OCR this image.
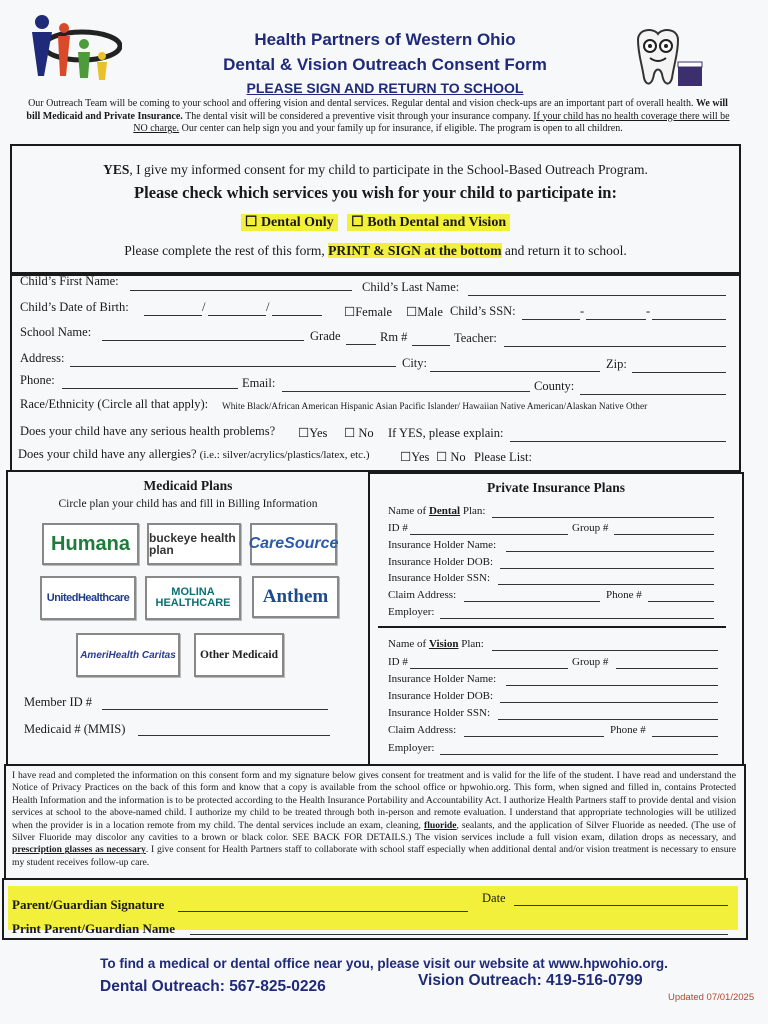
Health Partners of Western Ohio
Dental & Vision Outreach Consent Form
PLEASE SIGN AND RETURN TO SCHOOL
Our Outreach Team will be coming to your school and offering vision and dental services. Regular dental and vision check-ups are an important part of overall health. We will bill Medicaid and Private Insurance. The dental visit will be considered a preventive visit through your insurance company. If your child has no health coverage there will be NO charge. Our center can help sign you and your family up for insurance, if eligible. The program is open to all children.
YES, I give my informed consent for my child to participate in the School-Based Outreach Program.
Please check which services you wish for your child to participate in:
☐ Dental Only ☐ Both Dental and Vision
Please complete the rest of this form, PRINT & SIGN at the bottom and return it to school.
Child’s First Name:	Child’s Last Name:
Child’s Date of Birth:	/	/	☐Female ☐Male Child’s SSN:	-	-
School Name:	Grade	Rm #	Teacher:
Address:	City:	Zip:
Phone:	Email:	County:
Race/Ethnicity (Circle all that apply): White Black/African American Hispanic Asian Pacific Islander/ Hawaiian Native American/Alaskan Native Other
Does your child have any serious health problems? ☐Yes ☐ No If YES, please explain:
Does your child have any allergies? (i.e.: silver/acrylics/plastics/latex, etc.) ☐Yes ☐ No Please List:
Medicaid Plans
Circle plan your child has and fill in Billing Information
Humana	buckeye health plan	CareSource
UnitedHealthcare	MOLINA HEALTHCARE	Anthem
AmeriHealth Caritas	Other Medicaid
Member ID #
Medicaid # (MMIS)
Private Insurance Plans
Name of Dental Plan:
ID #	Group #
Insurance Holder Name:
Insurance Holder DOB:
Insurance Holder SSN:
Claim Address:	Phone #
Employer:
Name of Vision Plan:
ID #	Group #
Insurance Holder Name:
Insurance Holder DOB:
Insurance Holder SSN:
Claim Address:	Phone #
Employer:
I have read and completed the information on this consent form and my signature below gives consent for treatment and is valid for the life of the student. I have read and understand the Notice of Privacy Practices on the back of this form and know that a copy is available from the school office or hpwohio.org. This form, when signed and filled in, contains Protected Health Information and the information is to be protected according to the Health Insurance Portability and Accountability Act. I authorize Health Partners staff to provide dental and vision services at school to the above-named child. I authorize my child to be treated through both in-person and remote evaluation. I understand that appropriate technologies will be utilized when the provider is in a location remote from my child. The dental services include an exam, cleaning, fluoride, sealants, and the application of Silver Fluoride as needed. (The use of Silver Fluoride may discolor any cavities to a brown or black color. SEE BACK FOR DETAILS.) The vision services include a full vision exam, dilation drops as necessary, and prescription glasses as necessary. I give consent for Health Partners staff to collaborate with school staff especially when additional dental and/or vision treatment is necessary to ensure my student receives follow-up care.
Parent/Guardian Signature	Date
Print Parent/Guardian Name
To find a medical or dental office near you, please visit our website at www.hpwohio.org.
Dental Outreach: 567-825-0226	Vision Outreach: 419-516-0799
Updated 07/01/2025
